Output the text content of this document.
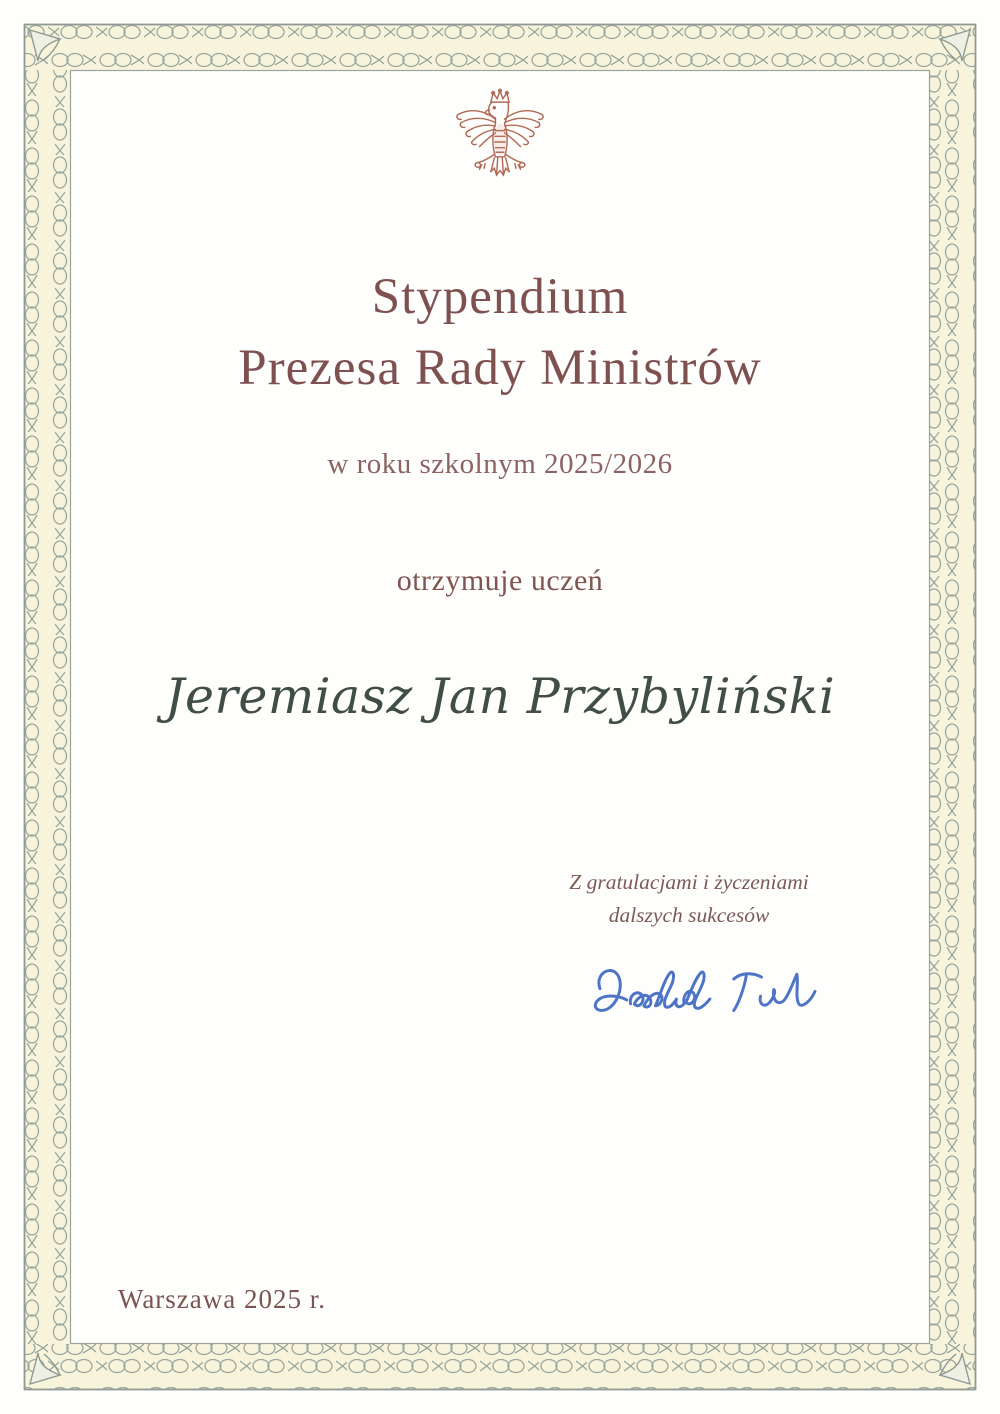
Stypendium
Prezesa Rady Ministrów
w roku szkolnym 2025/2026
otrzymuje uczeń
Jeremiasz Jan Przybyliński
Z gratulacjami i życzeniami
dalszych sukcesów
Warszawa 2025 r.
